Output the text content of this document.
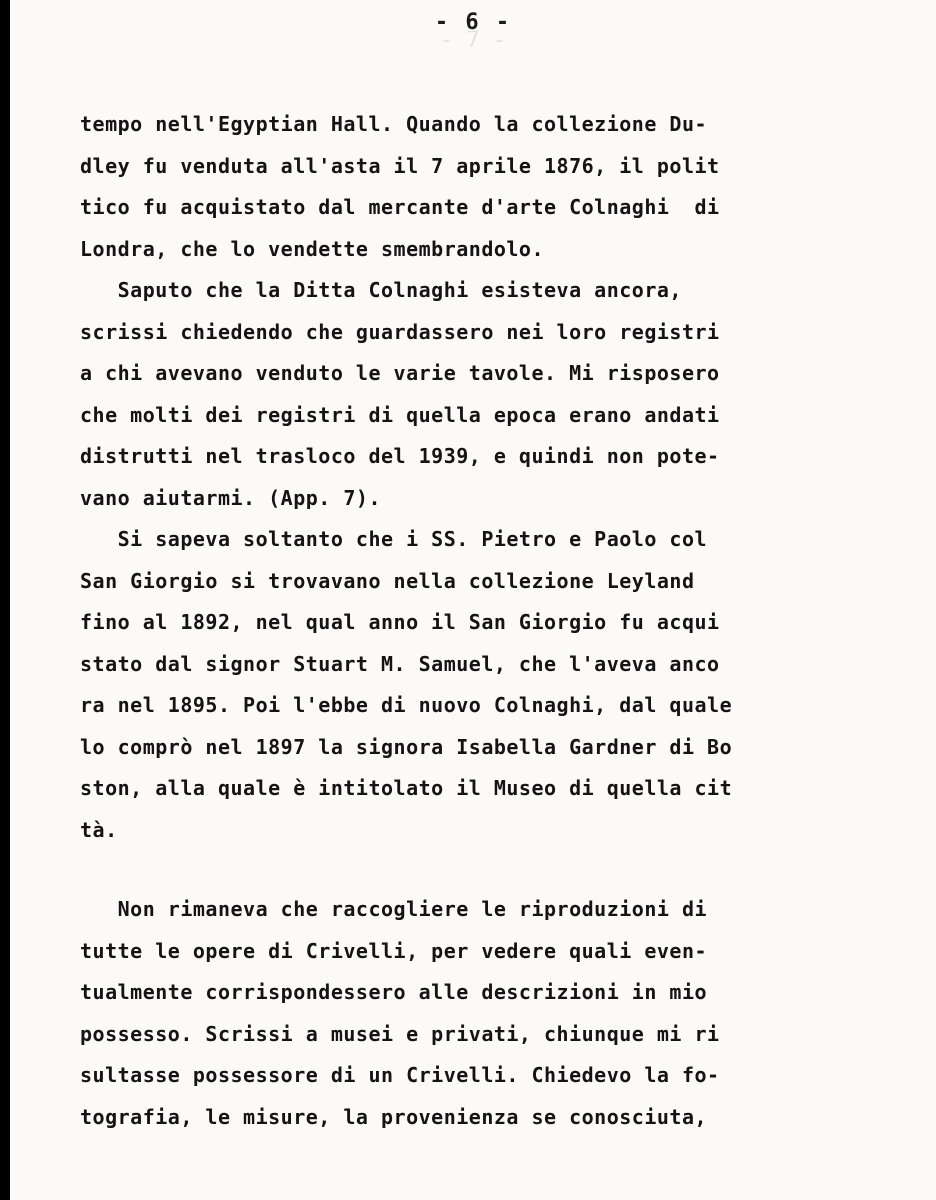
- 7 -
- 6 -
tempo nell'Egyptian Hall. Quando la collezione Du-
dley fu venduta all'asta il 7 aprile 1876, il polit
tico fu acquistato dal mercante d'arte Colnaghi  di
Londra, che lo vendette smembrandolo.
Saputo che la Ditta Colnaghi esisteva ancora,
scrissi chiedendo che guardassero nei loro registri
a chi avevano venduto le varie tavole. Mi risposero
che molti dei registri di quella epoca erano andati
distrutti nel trasloco del 1939, e quindi non pote-
vano aiutarmi. (App. 7).
Si sapeva soltanto che i SS. Pietro e Paolo col
San Giorgio si trovavano nella collezione Leyland
fino al 1892, nel qual anno il San Giorgio fu acqui
stato dal signor Stuart M. Samuel, che l'aveva anco
ra nel 1895. Poi l'ebbe di nuovo Colnaghi, dal quale
lo comprò nel 1897 la signora Isabella Gardner di Bo
ston, alla quale è intitolato il Museo di quella cit
tà.
Non rimaneva che raccogliere le riproduzioni di
tutte le opere di Crivelli, per vedere quali even-
tualmente corrispondessero alle descrizioni in mio
possesso. Scrissi a musei e privati, chiunque mi ri
sultasse possessore di un Crivelli. Chiedevo la fo-
tografia, le misure, la provenienza se conosciuta,
